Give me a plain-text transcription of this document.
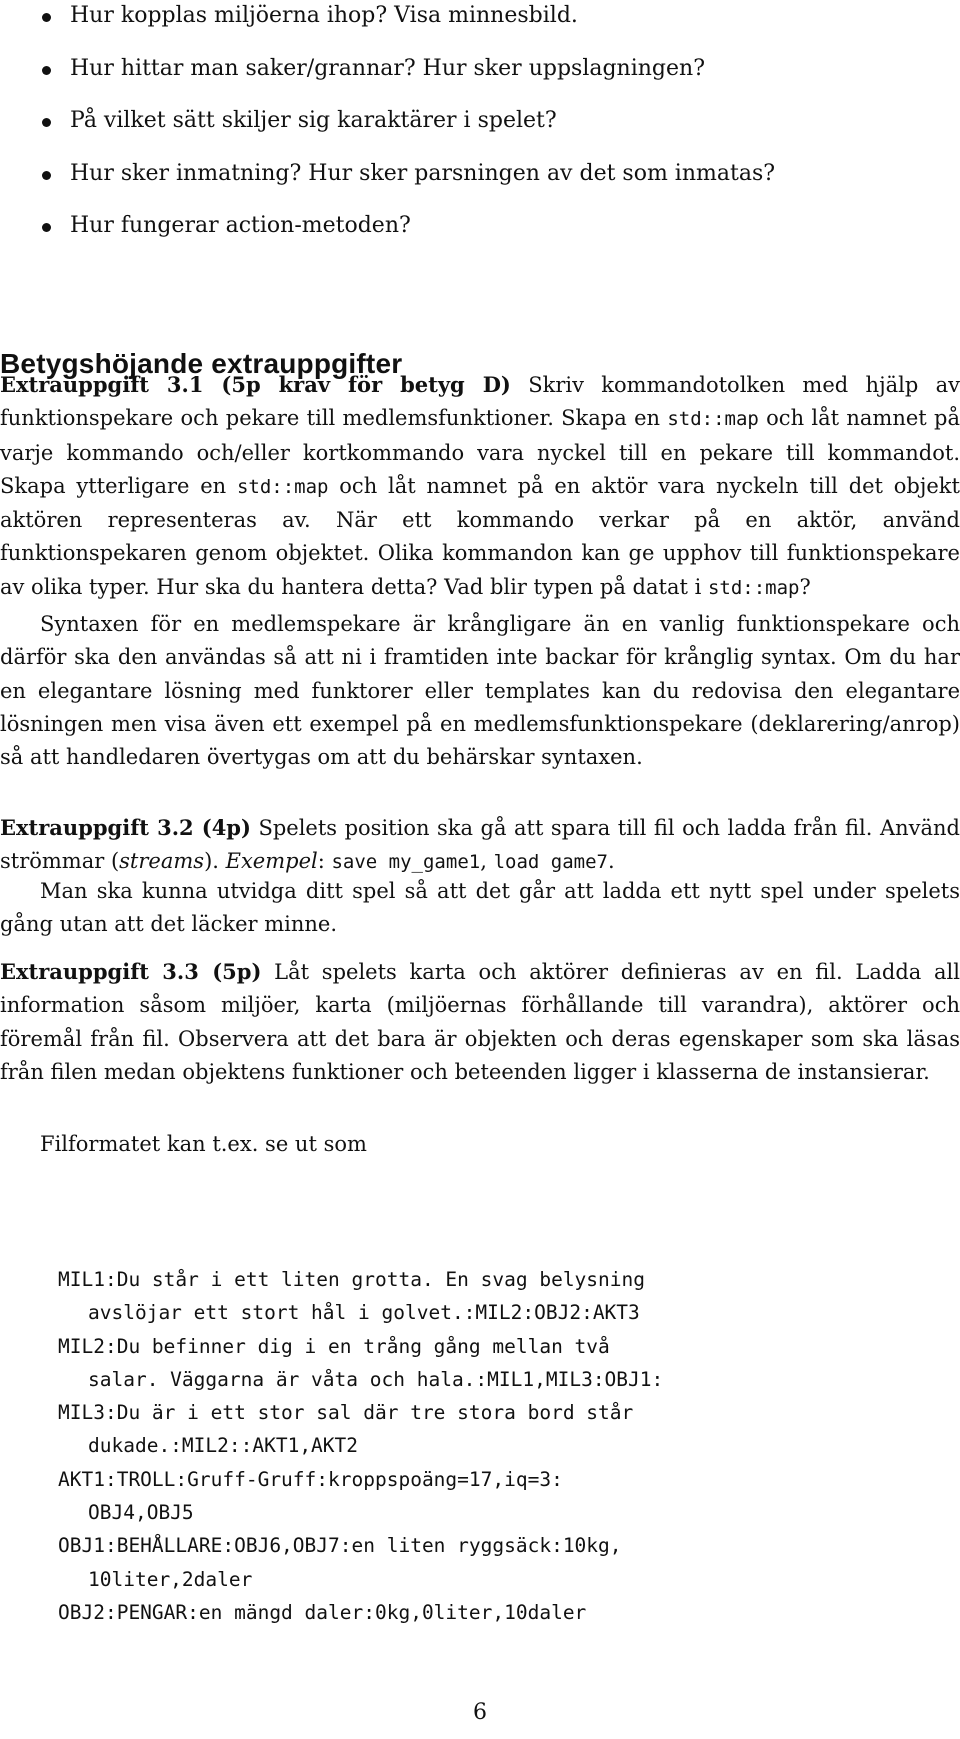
Hur kopplas miljöerna ihop? Visa minnesbild.
Hur hittar man saker/grannar? Hur sker uppslagningen?
På vilket sätt skiljer sig karaktärer i spelet?
Hur sker inmatning? Hur sker parsningen av det som inmatas?
Hur fungerar action-metoden?
Betygshöjande extrauppgifter

Extrauppgift 3.1 (5p krav för betyg D) Skriv kommandotolken med hjälp av funktionspekare och pekare till medlemsfunktioner. Skapa en std::map och låt namnet på varje kommando och/eller kortkommando vara nyckel till en pekare till kommandot. Skapa ytterligare en std::map och låt namnet på en aktör vara nyckeln till det objekt aktören representeras av. När ett kommando verkar på en aktör, använd funktionspekaren genom objektet. Olika kommandon kan ge upphov till funktionspekare av olika typer. Hur ska du hantera detta? Vad blir typen på datat i std::map?

Syntaxen för en medlemspekare är krångligare än en vanlig funktionspekare och därför ska den användas så att ni i framtiden inte backar för krånglig syntax. Om du har en elegantare lösning med funktorer eller templates kan du redovisa den elegantare lösningen men visa även ett exempel på en medlemsfunktionspekare (deklarering/anrop) så att handledaren övertygas om att du behärskar syntaxen.

Extrauppgift 3.2 (4p) Spelets position ska gå att spara till fil och ladda från fil. Använd strömmar (streams). Exempel: save my_game1, load game7.

Man ska kunna utvidga ditt spel så att det går att ladda ett nytt spel under spelets gång utan att det läcker minne.

Extrauppgift 3.3 (5p) Låt spelets karta och aktörer definieras av en fil. Ladda all information såsom miljöer, karta (miljöernas förhållande till varandra), aktörer och föremål från fil. Observera att det bara är objekten och deras egenskaper som ska läsas från filen medan objektens funktioner och beteenden ligger i klasserna de instansierar.

Filformatet kan t.ex. se ut som

MIL1:Du står i ett liten grotta. En svag belysning
avslöjar ett stort hål i golvet.:MIL2:OBJ2:AKT3
MIL2:Du befinner dig i en trång gång mellan två
salar. Väggarna är våta och hala.:MIL1,MIL3:OBJ1:
MIL3:Du är i ett stor sal där tre stora bord står
dukade.:MIL2::AKT1,AKT2
AKT1:TROLL:Gruff-Gruff:kroppspoäng=17,iq=3:
OBJ4,OBJ5
OBJ1:BEHÅLLARE:OBJ6,OBJ7:en liten ryggsäck:10kg,
10liter,2daler
OBJ2:PENGAR:en mängd daler:0kg,0liter,10daler
6
